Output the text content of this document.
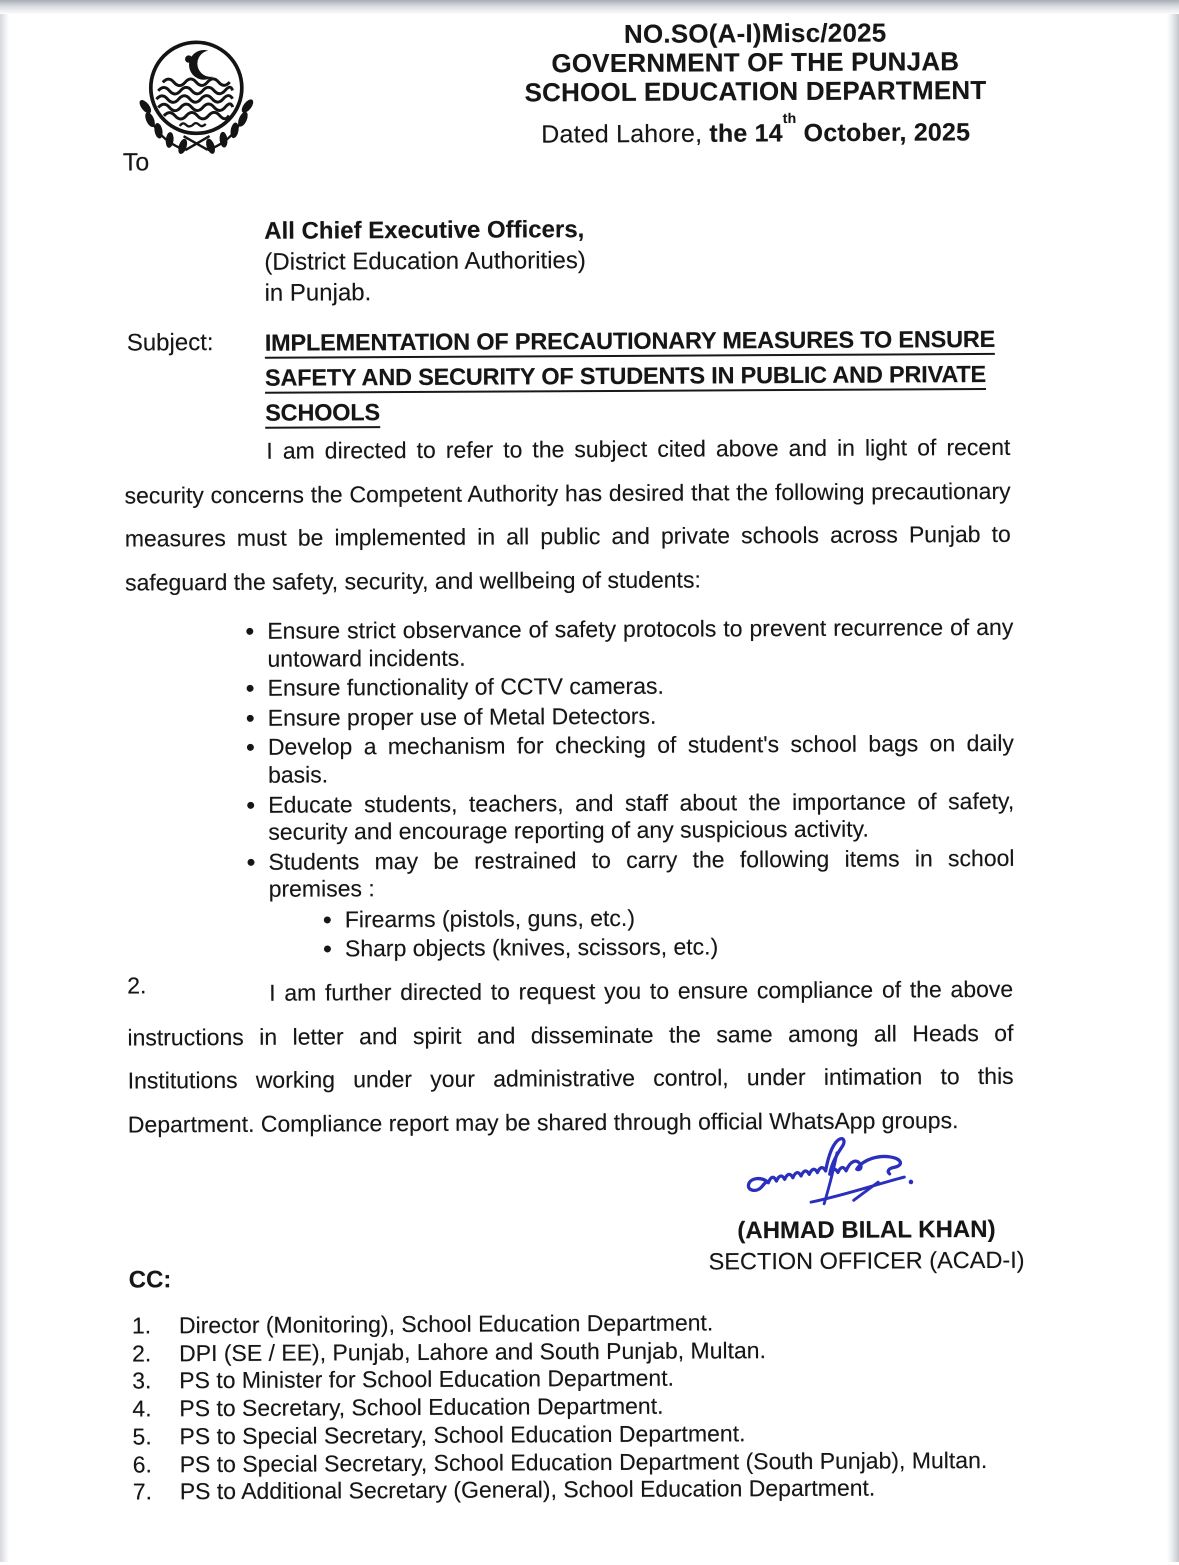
NO.SO(A-I)Misc/2025
GOVERNMENT OF THE PUNJAB
SCHOOL EDUCATION DEPARTMENT
Dated Lahore, the 14th October, 2025
To
All Chief Executive Officers,
(District Education Authorities)
in Punjab.
Subject: IMPLEMENTATION OF PRECAUTIONARY MEASURES TO ENSURE
SAFETY AND SECURITY OF STUDENTS IN PUBLIC AND PRIVATE
SCHOOLS
I am directed to refer to the subject cited above and in light of recent security concerns the Competent Authority has desired that the following precautionary measures must be implemented in all public and private schools across Punjab to safeguard the safety, security, and wellbeing of students:
• Ensure strict observance of safety protocols to prevent recurrence of any untoward incidents.
• Ensure functionality of CCTV cameras.
• Ensure proper use of Metal Detectors.
• Develop a mechanism for checking of student's school bags on daily basis.
• Educate students, teachers, and staff about the importance of safety, security and encourage reporting of any suspicious activity.
• Students may be restrained to carry the following items in school premises :
• Firearms (pistols, guns, etc.)
• Sharp objects (knives, scissors, etc.)
2.	I am further directed to request you to ensure compliance of the above instructions in letter and spirit and disseminate the same among all Heads of Institutions working under your administrative control, under intimation to this Department. Compliance report may be shared through official WhatsApp groups.
(AHMAD BILAL KHAN)
SECTION OFFICER (ACAD-I)
CC:
1.	Director (Monitoring), School Education Department.
2.	DPI (SE / EE), Punjab, Lahore and South Punjab, Multan.
3.	PS to Minister for School Education Department.
4.	PS to Secretary, School Education Department.
5.	PS to Special Secretary, School Education Department.
6.	PS to Special Secretary, School Education Department (South Punjab), Multan.
7.	PS to Additional Secretary (General), School Education Department.
